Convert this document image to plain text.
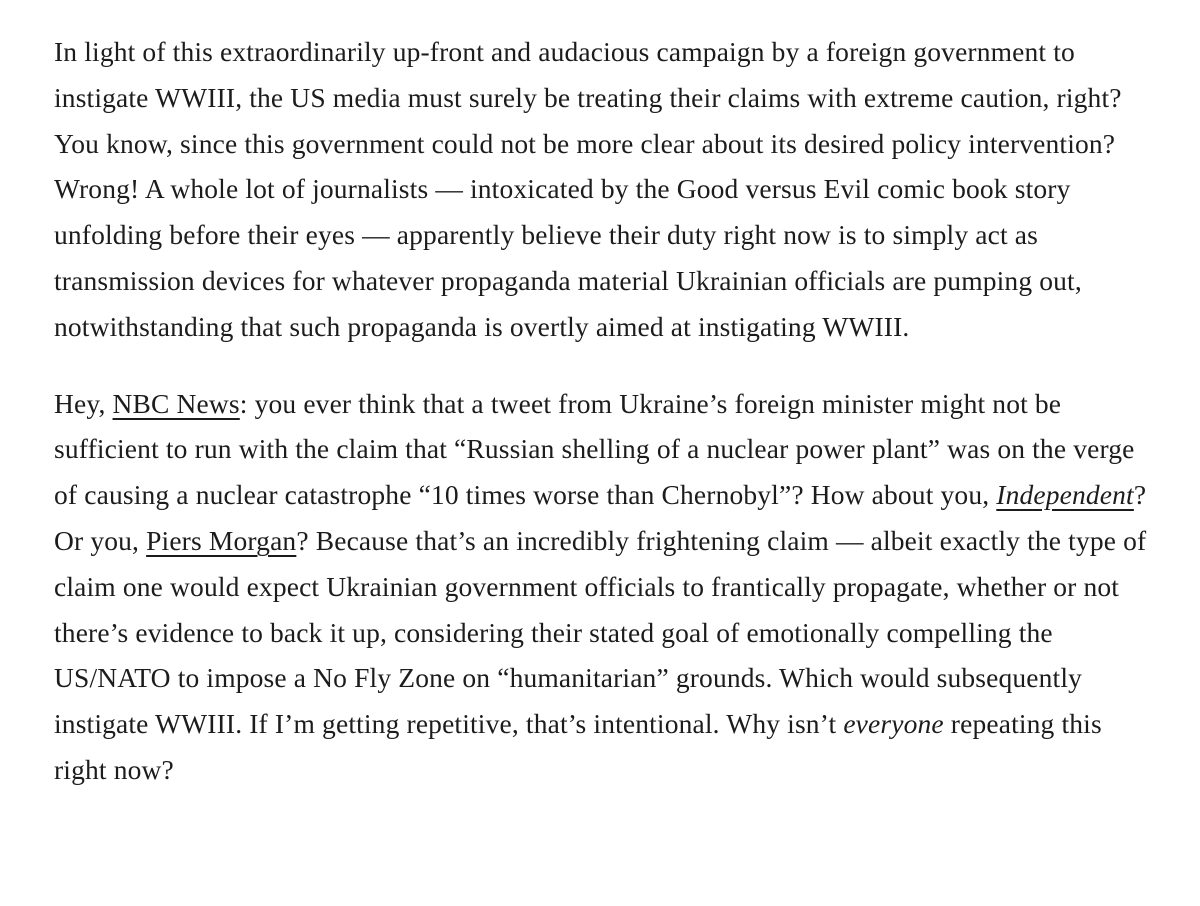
In light of this extraordinarily up-front and audacious campaign by a foreign government to instigate WWIII, the US media must surely be treating their claims with extreme caution, right? You know, since this government could not be more clear about its desired policy intervention? Wrong! A whole lot of journalists — intoxicated by the Good versus Evil comic book story unfolding before their eyes — apparently believe their duty right now is to simply act as transmission devices for whatever propaganda material Ukrainian officials are pumping out, notwithstanding that such propaganda is overtly aimed at instigating WWIII.

Hey, NBC News: you ever think that a tweet from Ukraine’s foreign minister might not be sufficient to run with the claim that “Russian shelling of a nuclear power plant” was on the verge of causing a nuclear catastrophe “10 times worse than Chernobyl”? How about you, Independent? Or you, Piers Morgan? Because that’s an incredibly frightening claim — albeit exactly the type of claim one would expect Ukrainian government officials to frantically propagate, whether or not there’s evidence to back it up, considering their stated goal of emotionally compelling the US/NATO to impose a No Fly Zone on “humanitarian” grounds. Which would subsequently instigate WWIII. If I’m getting repetitive, that’s intentional. Why isn’t everyone repeating this right now?
